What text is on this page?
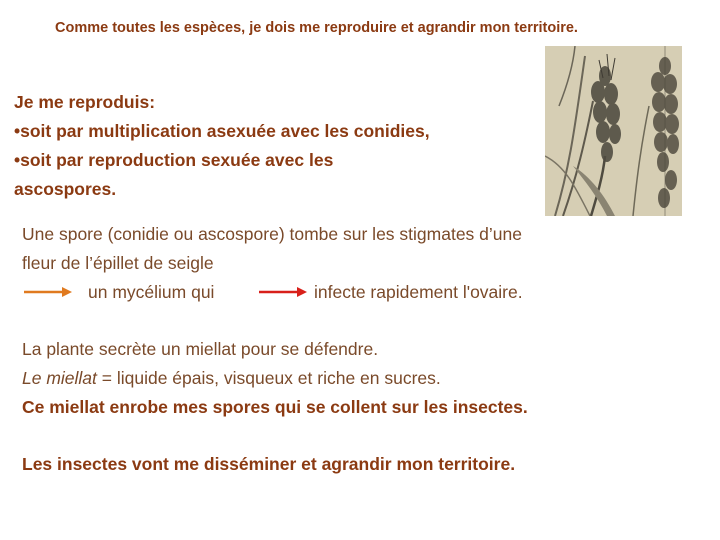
Comme toutes les espèces, je dois me reproduire et agrandir mon territoire.
Je me reproduis:
•soit par multiplication asexuée avec les conidies,
•soit par reproduction sexuée avec les
ascospores.
Une spore (conidie ou ascospore) tombe sur les stigmates d’une
fleur de l’épillet de seigle
un mycélium qui	infecte rapidement l'ovaire.
La plante secrète un miellat pour se défendre.
Le miellat = liquide épais, visqueux et riche en sucres.
Ce miellat enrobe mes spores qui se collent sur les insectes.
Les insectes vont me disséminer et agrandir mon territoire.
